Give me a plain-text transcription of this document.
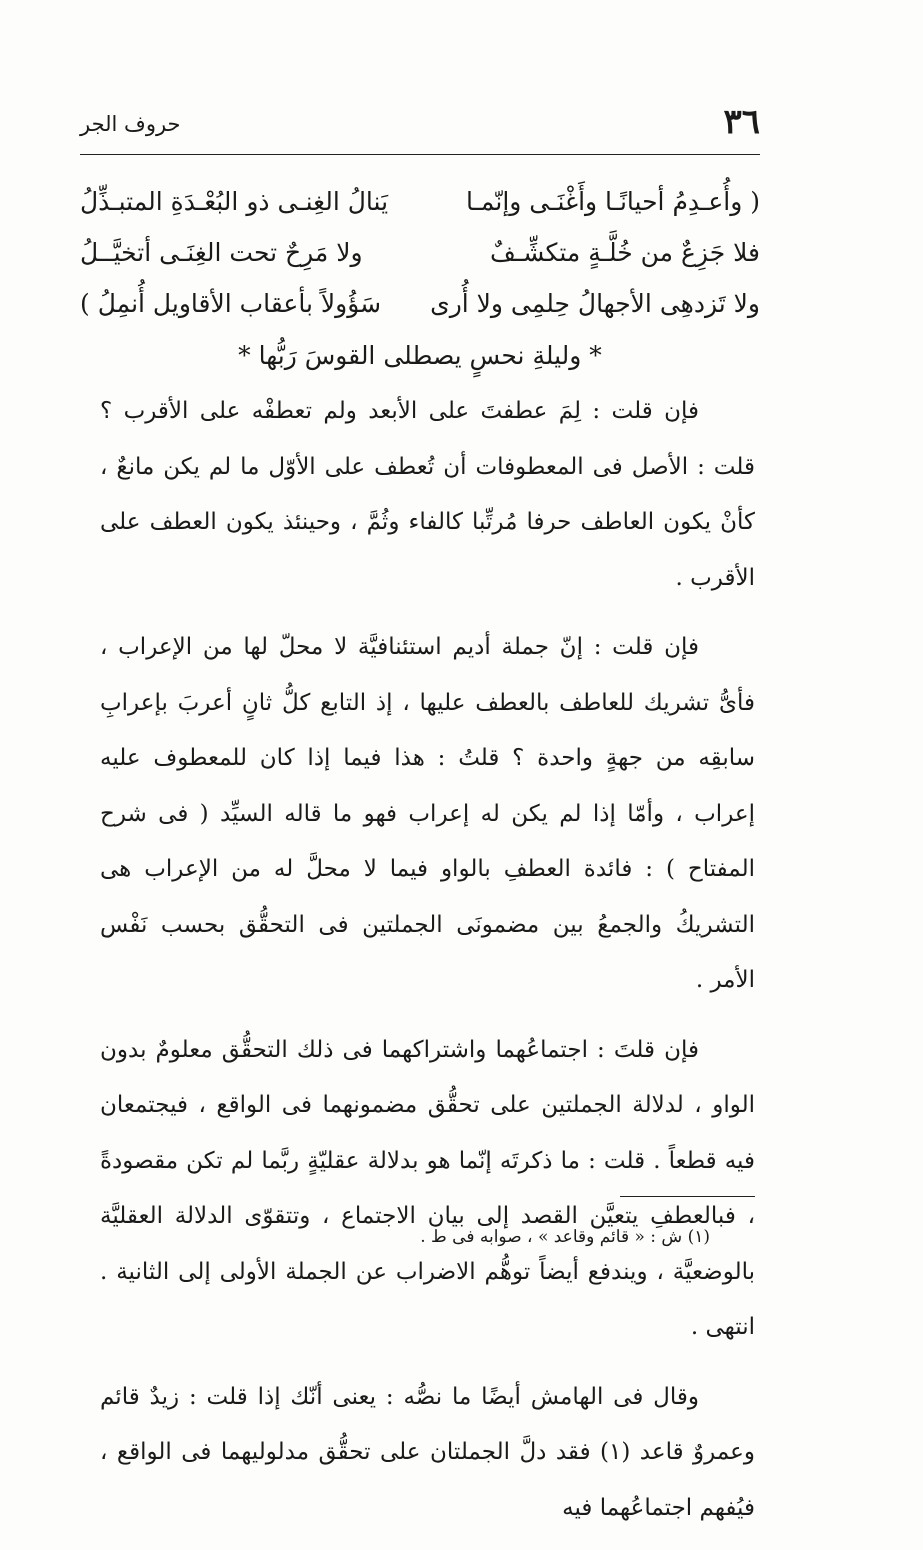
٣٦
حروف الجر
( وأُعـدِمُ أحيانًـا وأَغْنَـى وإنّمـا
يَنالُ الغِنـى ذو البُعْـدَةِ المتبـذِّلُ
فلا جَزِعٌ من خُلَّـةٍ متكشِّـفٌ
ولا مَرِحٌ تحت الغِنَـى أتخيَّــلُ
ولا تَزدهِى الأجهالُ حِلمِى ولا أُرى
سَؤُولاً بأعقاب الأقاويل أُنمِلُ )
* وليلةِ نحسٍ يصطلى القوسَ رَبُّها *

فإن قلت : لِمَ عطفتَ على الأبعد ولم تعطفْه على الأقرب ؟ قلت : الأصل فى المعطوفات أن تُعطف على الأوّل ما لم يكن مانعٌ ، كأنْ يكون العاطف حرفا مُرتِّبا كالفاء وثُمَّ ، وحينئذ يكون العطف على الأقرب .

فإن قلت : إنّ جملة أديم استئنافيَّة لا محلّ لها من الإعراب ، فأىُّ تشريك للعاطف بالعطف عليها ، إذ التابع كلُّ ثانٍ أعربَ بإعرابِ سابقِه من جهةٍ واحدة ؟ قلتُ : هذا فيما إذا كان للمعطوف عليه إعراب ، وأمّا إذا لم يكن له إعراب فهو ما قاله السيِّد ( فى شرح المفتاح ) : فائدة العطفِ بالواو فيما لا محلَّ له من الإعراب هى التشريكُ والجمعُ بين مضمونَى الجملتين فى التحقُّق بحسب نَفْس الأمر .

فإن قلتَ : اجتماعُهما واشتراكهما فى ذلك التحقُّق معلومٌ بدون الواو ، لدلالة الجملتين على تحقُّق مضمونهما فى الواقع ، فيجتمعان فيه قطعاً . قلت : ما ذكرتَه إنّما هو بدلالة عقليّةٍ ربَّما لم تكن مقصودةً ، فبالعطفِ يتعيَّن القصد إلى بيان الاجتماع ، وتتقوّى الدلالة العقليَّة بالوضعيَّة ، ويندفع أيضاً توهُّم الاضراب عن الجملة الأولى إلى الثانية . انتهى .

وقال فى الهامش أيضًا ما نصُّه : يعنى أنّك إذا قلت : زيدٌ قائم وعمروٌ قاعد (١) فقد دلَّ الجملتان على تحقُّق مدلوليهما فى الواقع ، فيُفهم اجتماعُهما فيه

(١) ش : « قائم وقاعد » ، صوابه فى ط .
